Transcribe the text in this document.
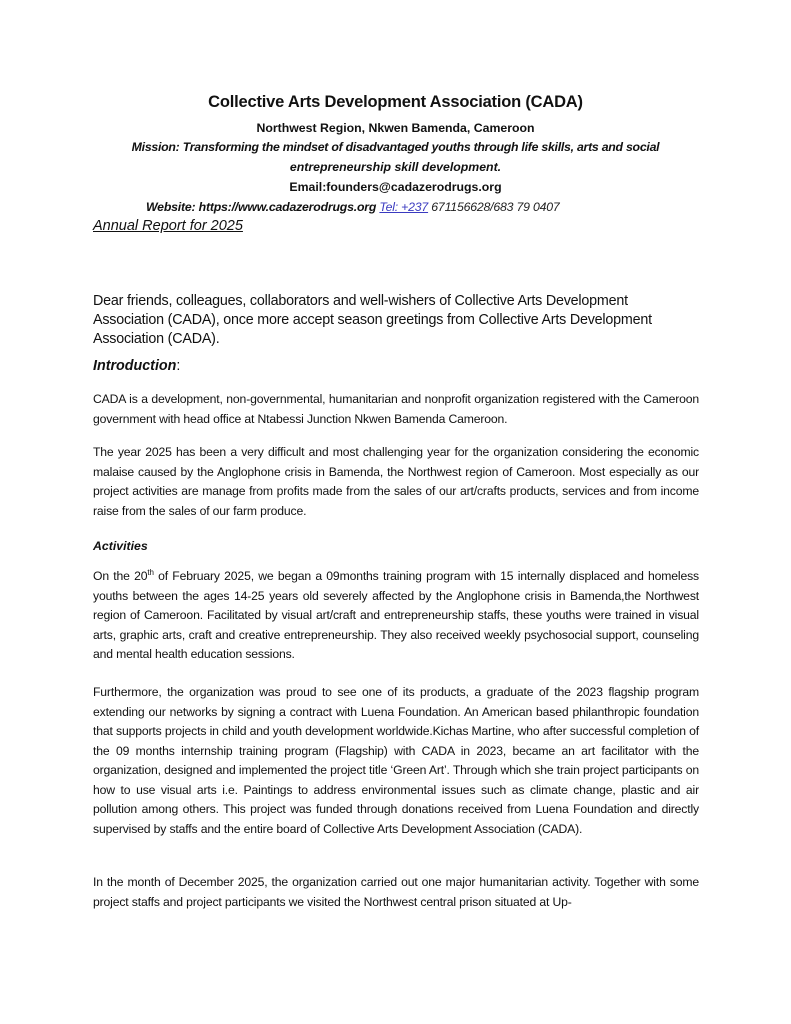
Collective Arts Development Association (CADA)
Northwest Region, Nkwen Bamenda, Cameroon
Mission: Transforming the mindset of disadvantaged youths through life skills, arts and social
entrepreneurship skill development.
Email:founders@cadazerodrugs.org
Website: https://www.cadazerodrugs.org Tel: +237 671156628/683 79 0407
Annual Report for 2025
Dear friends, colleagues, collaborators and well-wishers of Collective Arts Development Association (CADA), once more accept season greetings from Collective Arts Development Association (CADA).
Introduction:
CADA is a development, non-governmental, humanitarian and nonprofit organization registered with the Cameroon government with head office at Ntabessi Junction Nkwen Bamenda Cameroon.
The year 2025 has been a very difficult and most challenging year for the organization considering the economic malaise caused by the Anglophone crisis in Bamenda, the Northwest region of Cameroon. Most especially as our project activities are manage from profits made from the sales of our art/crafts products, services and from income raise from the sales of our farm produce.
Activities
On the 20th of February 2025, we began a 09months training program with 15 internally displaced and homeless youths between the ages 14-25 years old severely affected by the Anglophone crisis in Bamenda,the Northwest region of Cameroon. Facilitated by visual art/craft and entrepreneurship staffs, these youths were trained in visual arts, graphic arts, craft and creative entrepreneurship. They also received weekly psychosocial support, counseling and mental health education sessions.
Furthermore, the organization was proud to see one of its products, a graduate of the 2023 flagship program extending our networks by signing a contract with Luena Foundation. An American based philanthropic foundation that supports projects in child and youth development worldwide.Kichas Martine, who after successful completion of the 09 months internship training program (Flagship) with CADA in 2023, became an art facilitator with the organization, designed and implemented the project title ‘Green Art’. Through which she train project participants on how to use visual arts i.e. Paintings to address environmental issues such as climate change, plastic and air pollution among others. This project was funded through donations received from Luena Foundation and directly supervised by staffs and the entire board of Collective Arts Development Association (CADA).
In the month of December 2025, the organization carried out one major humanitarian activity. Together with some project staffs and project participants we visited the Northwest central prison situated at Up-
